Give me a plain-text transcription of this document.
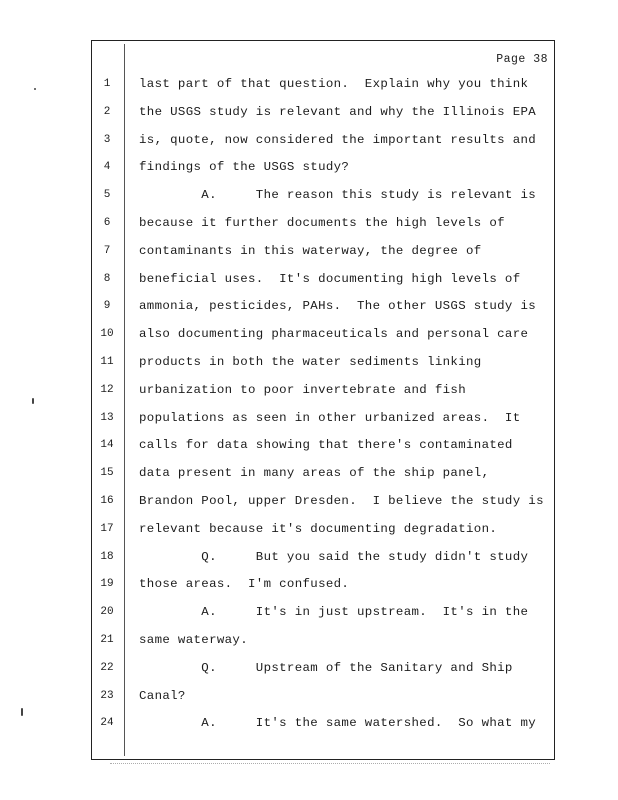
Page 38
1	last part of that question.  Explain why you think
2	the USGS study is relevant and why the Illinois EPA
3	is, quote, now considered the important results and
4	findings of the USGS study?
5	A.     The reason this study is relevant is
6	because it further documents the high levels of
7	contaminants in this waterway, the degree of
8	beneficial uses.  It's documenting high levels of
9	ammonia, pesticides, PAHs.  The other USGS study is
10	also documenting pharmaceuticals and personal care
11	products in both the water sediments linking
12	urbanization to poor invertebrate and fish
13	populations as seen in other urbanized areas.  It
14	calls for data showing that there's contaminated
15	data present in many areas of the ship panel,
16	Brandon Pool, upper Dresden.  I believe the study is
17	relevant because it's documenting degradation.
18	Q.     But you said the study didn't study
19	those areas.  I'm confused.
20	A.     It's in just upstream.  It's in the
21	same waterway.
22	Q.     Upstream of the Sanitary and Ship
23	Canal?
24	A.     It's the same watershed.  So what my
